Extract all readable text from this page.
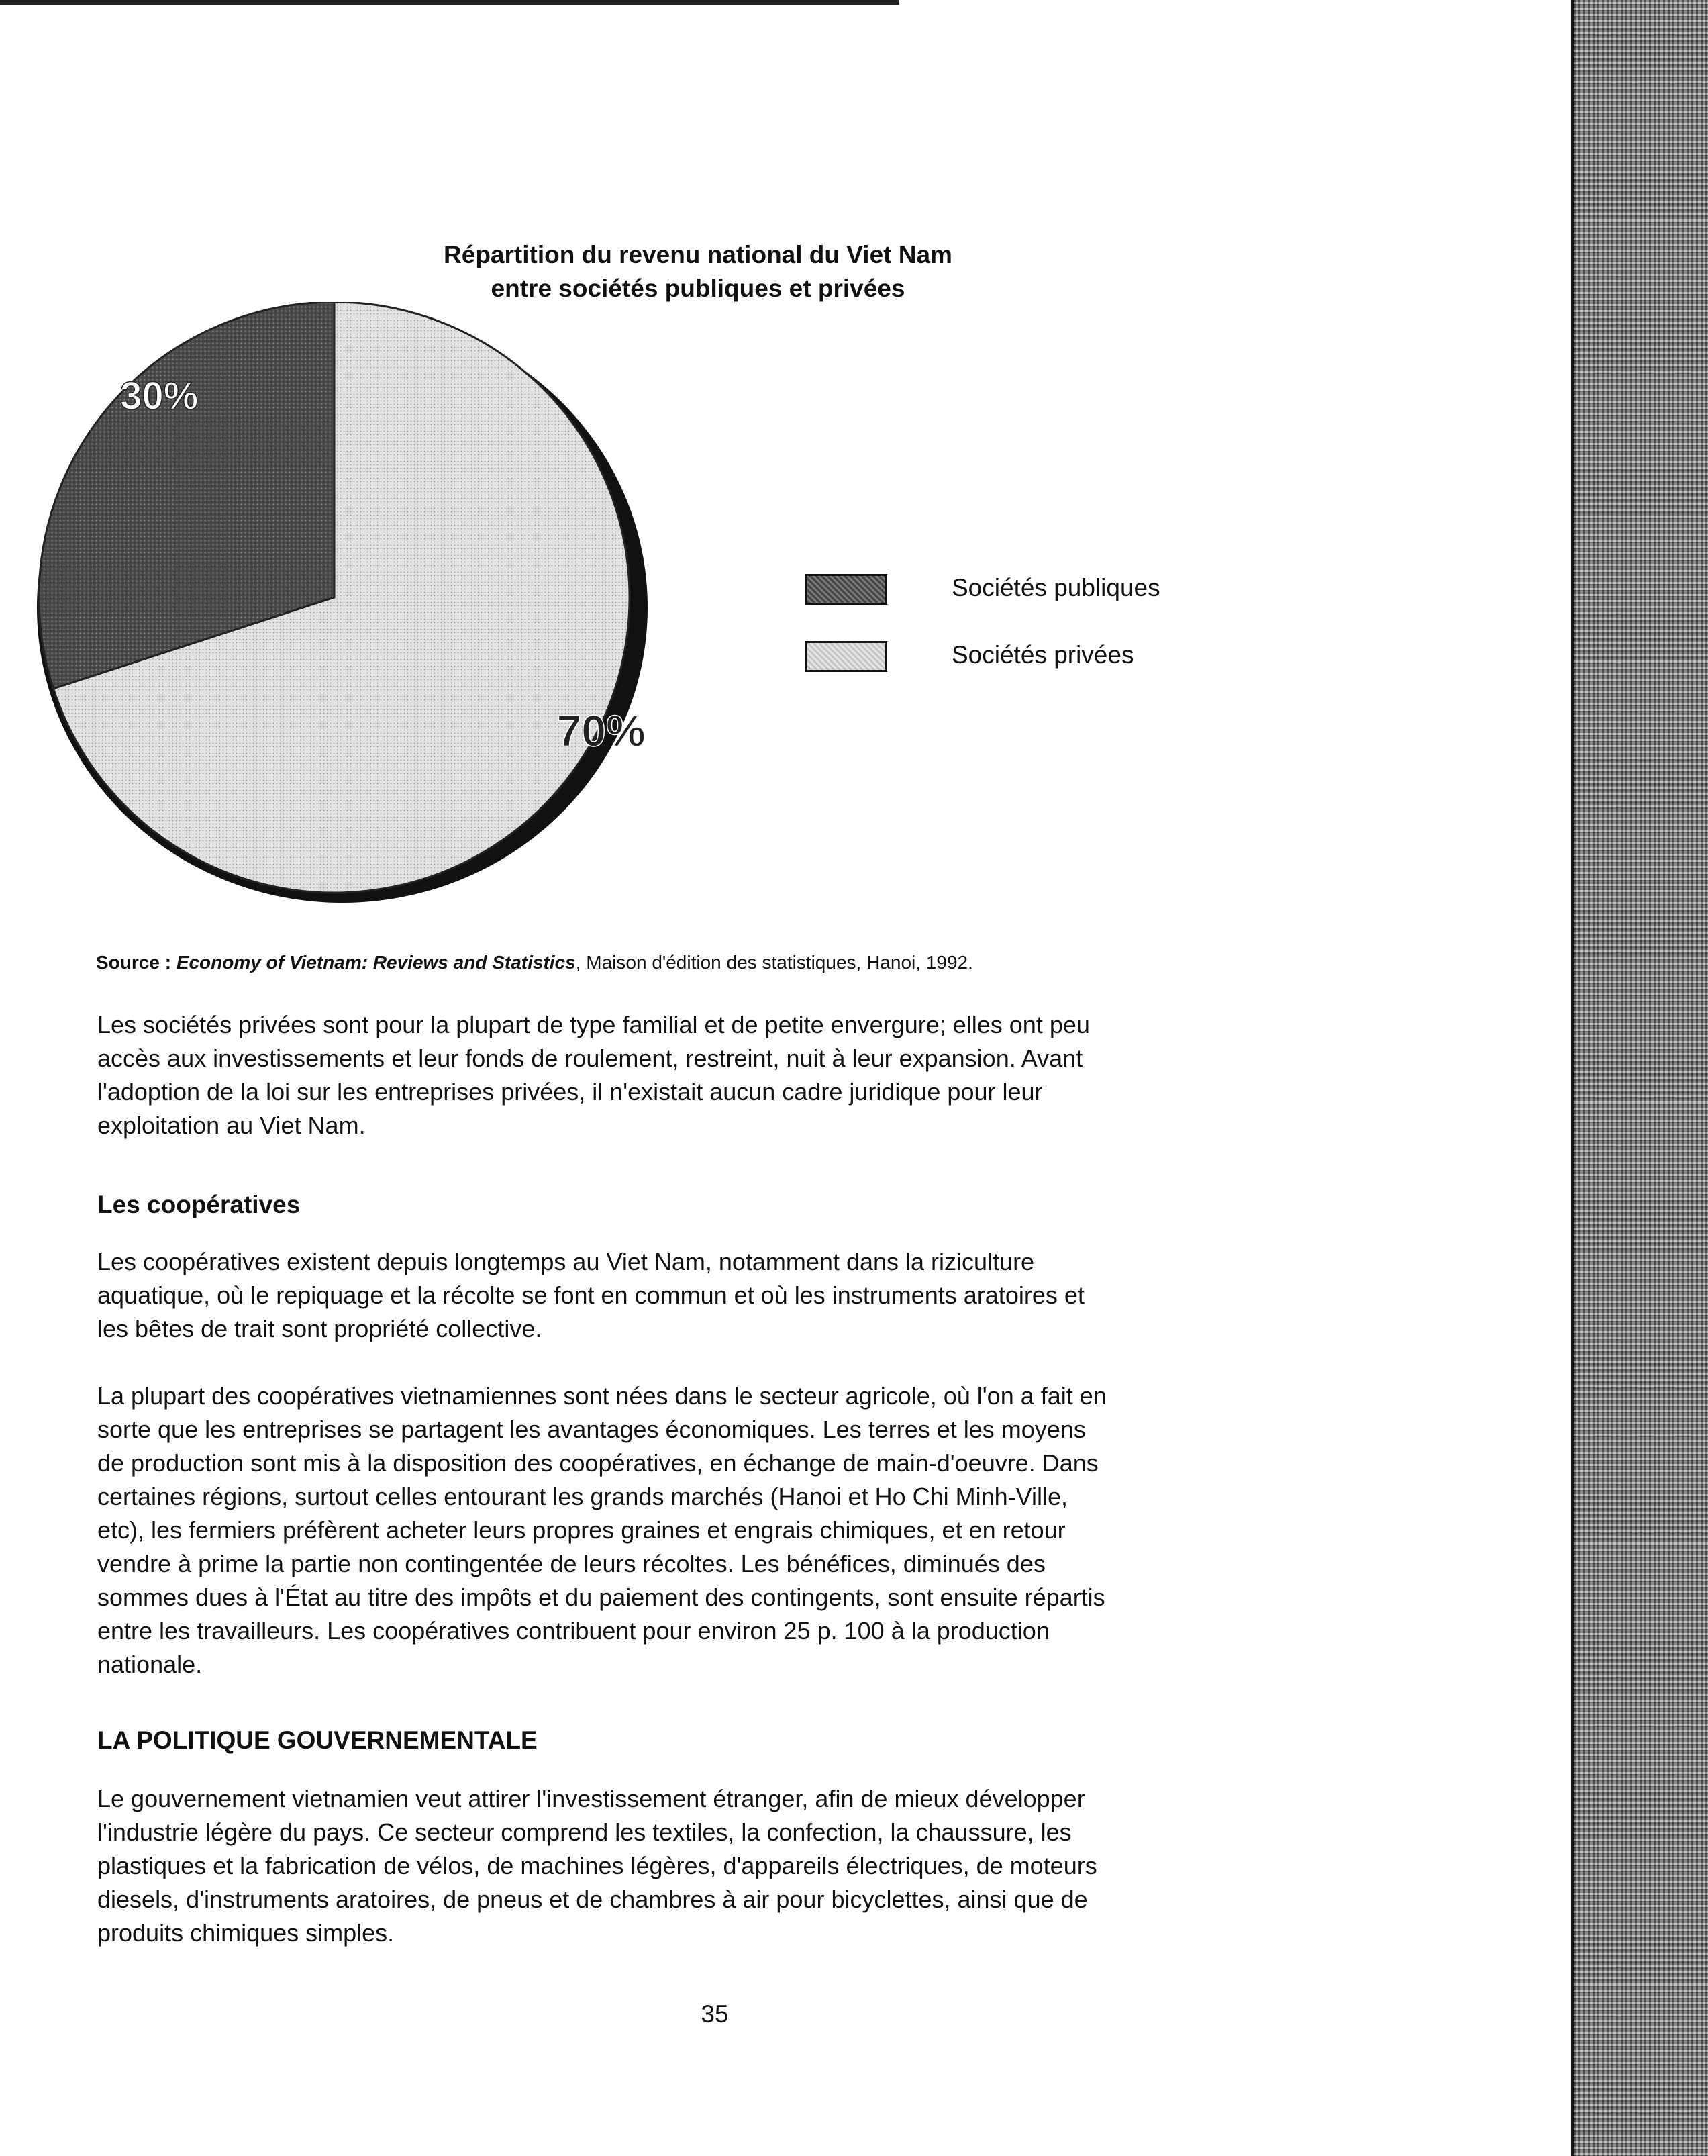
Répartition du revenu national du Viet Nam
entre sociétés publiques et privées
30%
70%
Sociétés publiques
Sociétés privées
Source : Economy of Vietnam: Reviews and Statistics, Maison d'édition des statistiques, Hanoi, 1992.
Les sociétés privées sont pour la plupart de type familial et de petite envergure; elles ont peu
accès aux investissements et leur fonds de roulement, restreint, nuit à leur expansion. Avant
l'adoption de la loi sur les entreprises privées, il n'existait aucun cadre juridique pour leur
exploitation au Viet Nam.
Les coopératives
Les coopératives existent depuis longtemps au Viet Nam, notamment dans la riziculture
aquatique, où le repiquage et la récolte se font en commun et où les instruments aratoires et
les bêtes de trait sont propriété collective.
La plupart des coopératives vietnamiennes sont nées dans le secteur agricole, où l'on a fait en
sorte que les entreprises se partagent les avantages économiques. Les terres et les moyens
de production sont mis à la disposition des coopératives, en échange de main-d'oeuvre. Dans
certaines régions, surtout celles entourant les grands marchés (Hanoi et Ho Chi Minh-Ville,
etc), les fermiers préfèrent acheter leurs propres graines et engrais chimiques, et en retour
vendre à prime la partie non contingentée de leurs récoltes. Les bénéfices, diminués des
sommes dues à l'État au titre des impôts et du paiement des contingents, sont ensuite répartis
entre les travailleurs. Les coopératives contribuent pour environ 25 p. 100 à la production
nationale.
LA POLITIQUE GOUVERNEMENTALE
Le gouvernement vietnamien veut attirer l'investissement étranger, afin de mieux développer
l'industrie légère du pays. Ce secteur comprend les textiles, la confection, la chaussure, les
plastiques et la fabrication de vélos, de machines légères, d'appareils électriques, de moteurs
diesels, d'instruments aratoires, de pneus et de chambres à air pour bicyclettes, ainsi que de
produits chimiques simples.
35
